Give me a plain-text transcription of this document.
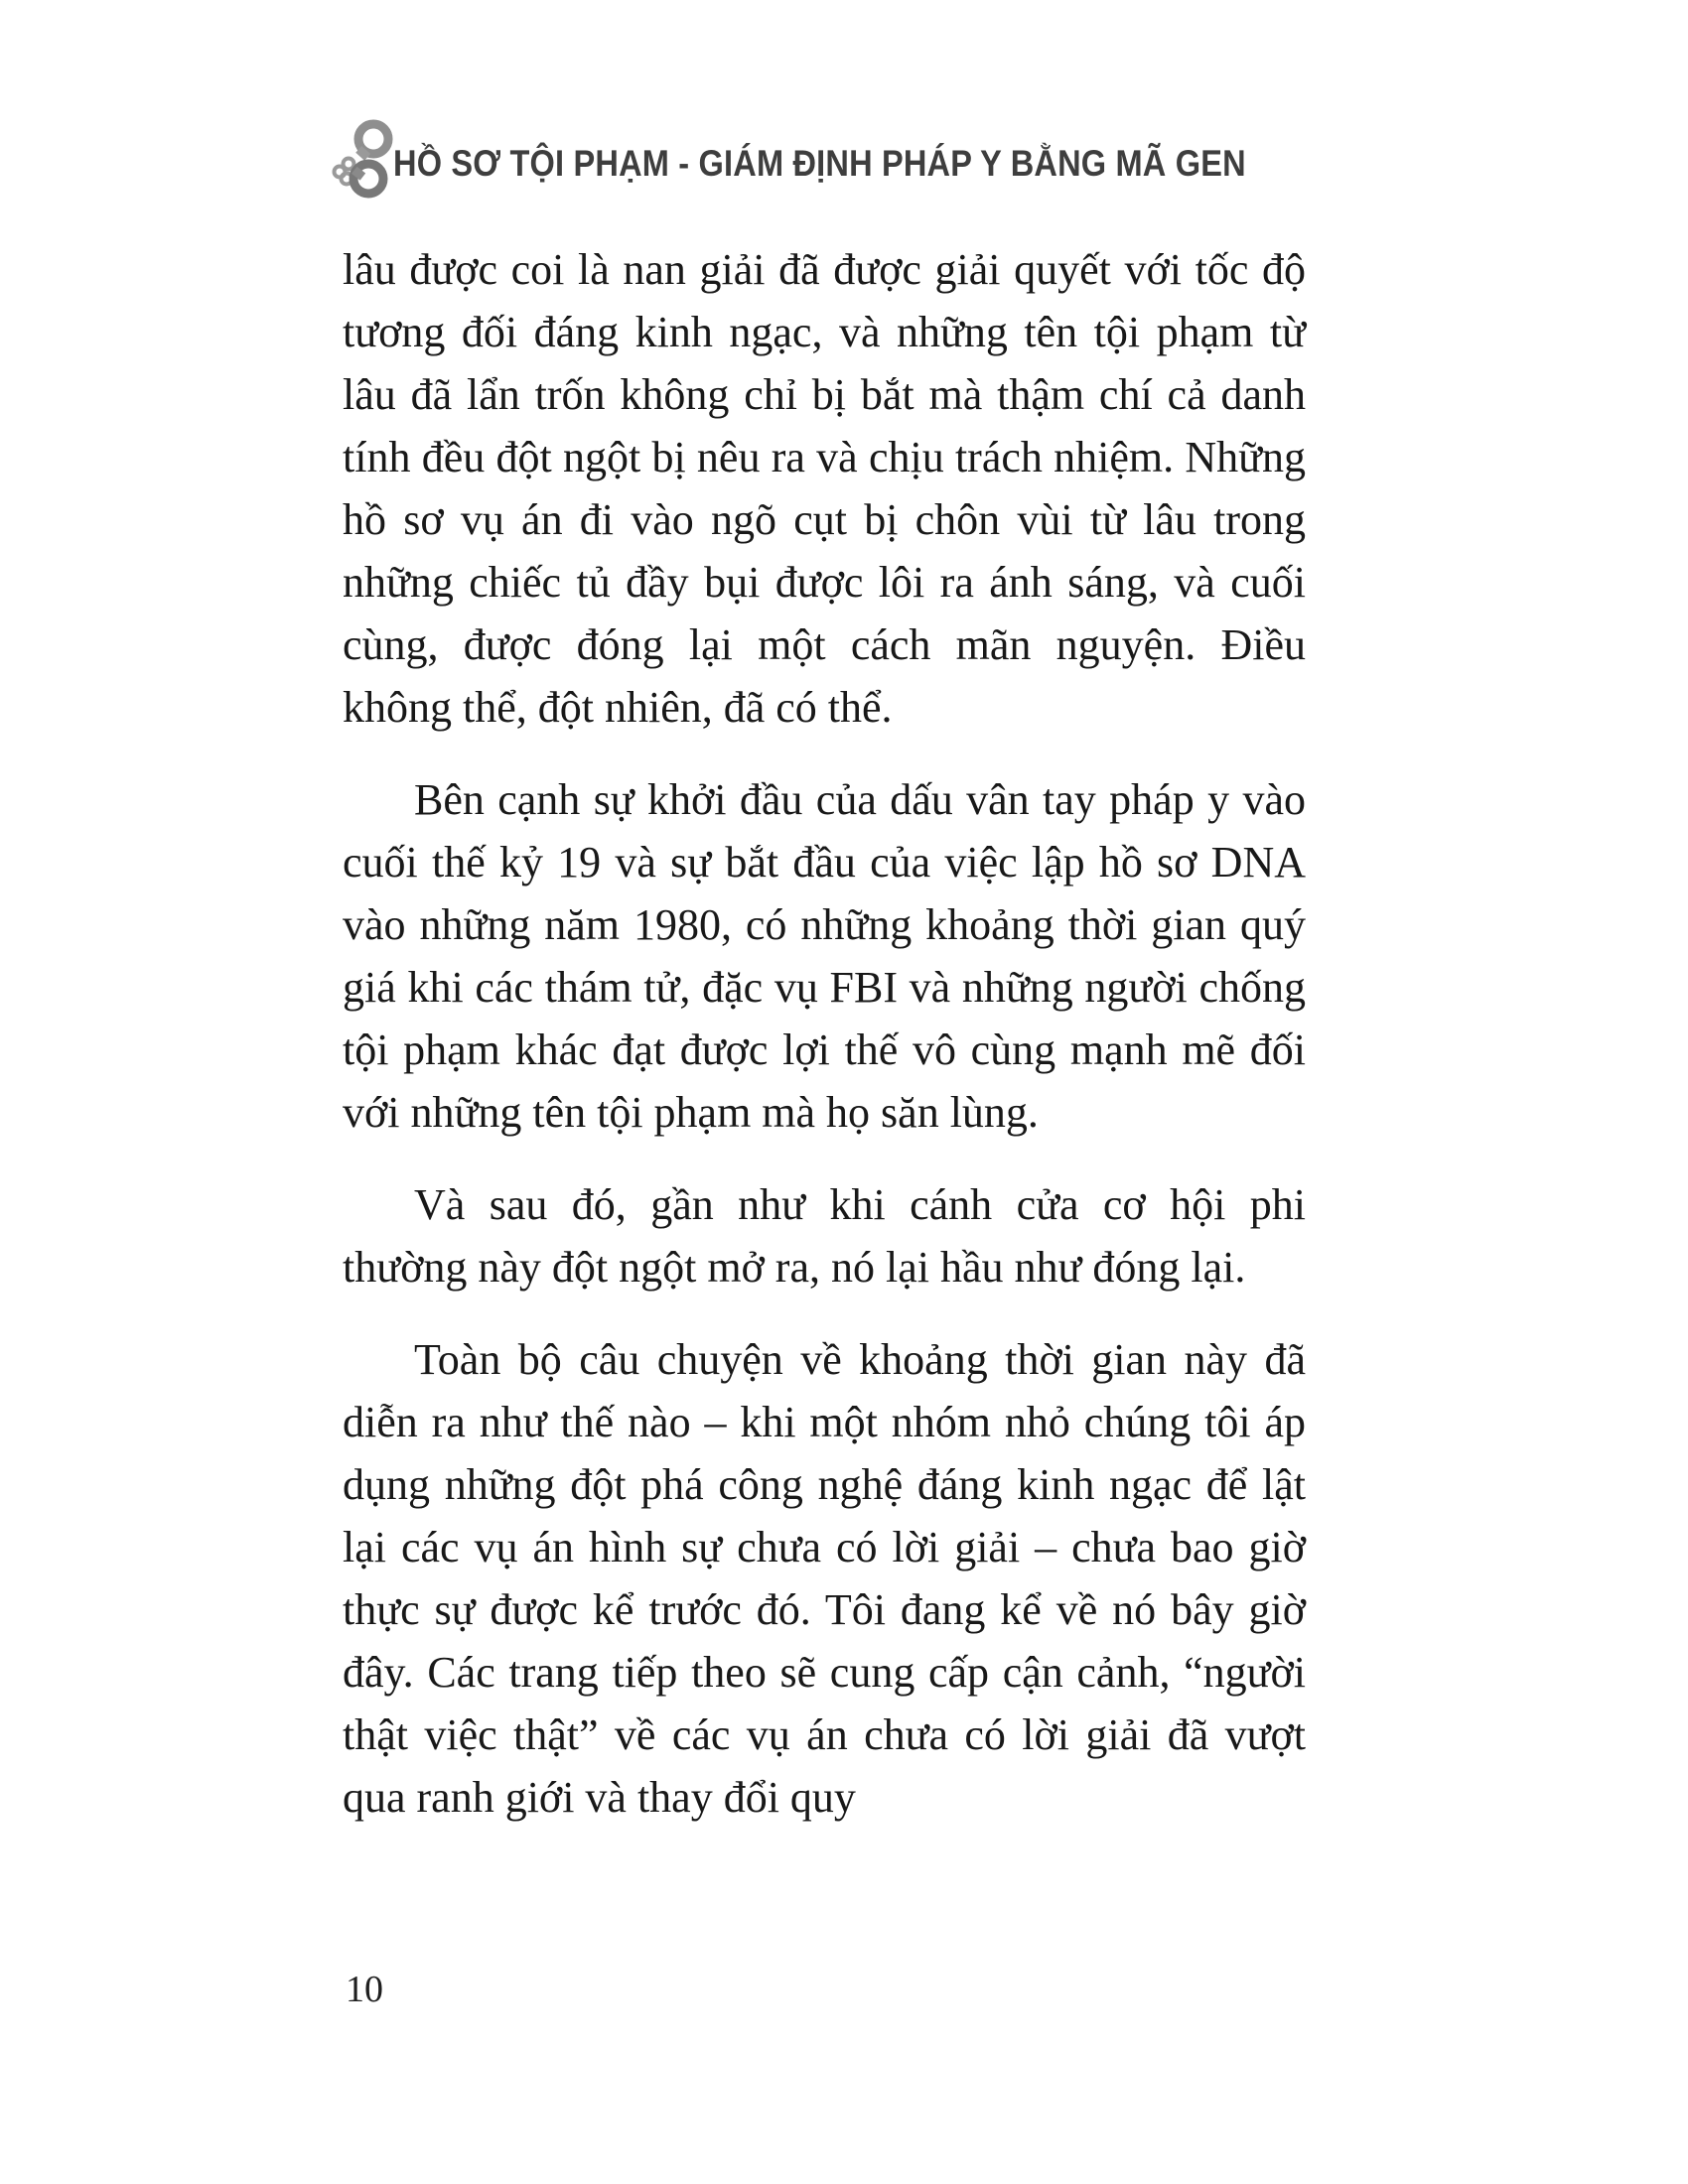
HỒ SƠ TỘI PHẠM - GIÁM ĐỊNH PHÁP Y BẰNG MÃ GEN

lâu được coi là nan giải đã được giải quyết với tốc độ tương đối đáng kinh ngạc, và những tên tội phạm từ lâu đã lẩn trốn không chỉ bị bắt mà thậm chí cả danh tính đều đột ngột bị nêu ra và chịu trách nhiệm. Những hồ sơ vụ án đi vào ngõ cụt bị chôn vùi từ lâu trong những chiếc tủ đầy bụi được lôi ra ánh sáng, và cuối cùng, được đóng lại một cách mãn nguyện. Điều không thể, đột nhiên, đã có thể.

Bên cạnh sự khởi đầu của dấu vân tay pháp y vào cuối thế kỷ 19 và sự bắt đầu của việc lập hồ sơ DNA vào những năm 1980, có những khoảng thời gian quý giá khi các thám tử, đặc vụ FBI và những người chống tội phạm khác đạt được lợi thế vô cùng mạnh mẽ đối với những tên tội phạm mà họ săn lùng.

Và sau đó, gần như khi cánh cửa cơ hội phi thường này đột ngột mở ra, nó lại hầu như đóng lại.

Toàn bộ câu chuyện về khoảng thời gian này đã diễn ra như thế nào – khi một nhóm nhỏ chúng tôi áp dụng những đột phá công nghệ đáng kinh ngạc để lật lại các vụ án hình sự chưa có lời giải – chưa bao giờ thực sự được kể trước đó. Tôi đang kể về nó bây giờ đây. Các trang tiếp theo sẽ cung cấp cận cảnh, “người thật việc thật” về các vụ án chưa có lời giải đã vượt qua ranh giới và thay đổi quy

10
